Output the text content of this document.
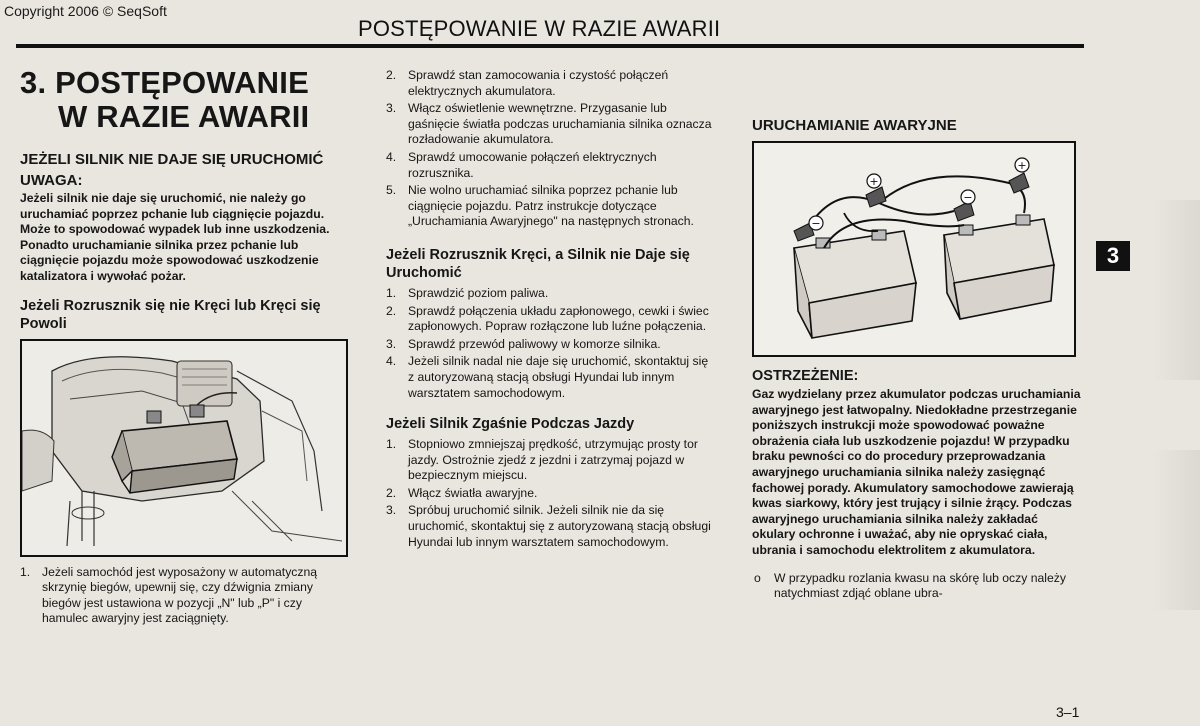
Copyright 2006 © SeqSoft
POSTĘPOWANIE W RAZIE AWARII
3. POSTĘPOWANIE
W RAZIE AWARII
JEŻELI SILNIK NIE DAJE SIĘ URUCHOMIĆ
UWAGA:

Jeżeli silnik nie daje się uruchomić, nie należy go uruchamiać poprzez pchanie lub ciągnięcie pojazdu. Może to spowodować wypadek lub inne uszkodzenia. Ponadto uruchamianie silnika przez pchanie lub ciągnięcie pojazdu może spowodować uszkodzenie katalizatora i wywołać pożar.

Jeżeli Rozrusznik się nie Kręci lub Kręci się Powoli
1. Jeżeli samochód jest wyposażony w automatyczną skrzynię biegów, upewnij się, czy dźwignia zmiany biegów jest ustawiona w pozycji „N" lub „P" i czy hamulec awaryjny jest zaciągnięty.
2. Sprawdź stan zamocowania i czystość połączeń elektrycznych akumulatora.
3. Włącz oświetlenie wewnętrzne. Przygasanie lub gaśnięcie światła podczas uruchamiania silnika oznacza rozładowanie akumulatora.
4. Sprawdź umocowanie połączeń elektrycznych rozrusznika.
5. Nie wolno uruchamiać silnika poprzez pchanie lub ciągnięcie pojazdu. Patrz instrukcje dotyczące „Uruchamiania Awaryjnego" na następnych stronach.
Jeżeli Rozrusznik Kręci, a Silnik nie Daje się Uruchomić
1. Sprawdzić poziom paliwa.
2. Sprawdź połączenia układu zapłonowego, cewki i świec zapłonowych. Popraw rozłączone lub luźne połączenia.
3. Sprawdź przewód paliwowy w komorze silnika.
4. Jeżeli silnik nadal nie daje się uruchomić, skontaktuj się z autoryzowaną stacją obsługi Hyundai lub innym warsztatem samochodowym.
Jeżeli Silnik Zgaśnie Podczas Jazdy
1. Stopniowo zmniejszaj prędkość, utrzymując prosty tor jazdy. Ostrożnie zjedź z jezdni i zatrzymaj pojazd w bezpiecznym miejscu.
2. Włącz światła awaryjne.
3. Spróbuj uruchomić silnik. Jeżeli silnik nie da się uruchomić, skontaktuj się z autoryzowaną stacją obsługi Hyundai lub innym warsztatem samochodowym.
URUCHAMIANIE AWARYJNE
−
+
+
−
OSTRZEŻENIE:

Gaz wydzielany przez akumulator podczas uruchamiania awaryjnego jest łatwopalny. Niedokładne przestrzeganie poniższych instrukcji może spowodować poważne obrażenia ciała lub uszkodzenie pojazdu! W przypadku braku pewności co do procedury przeprowadzania awaryjnego uruchamiania silnika należy zasięgnąć fachowej porady. Akumulatory samochodowe zawierają kwas siarkowy, który jest trujący i silnie żrący. Podczas awaryjnego uruchamiania silnika należy zakładać okulary ochronne i uważać, aby nie opryskać ciała, ubrania i samochodu elektrolitem z akumulatora.

o W przypadku rozlania kwasu na skórę lub oczy należy natychmiast zdjąć oblane ubra-
3
3–1
